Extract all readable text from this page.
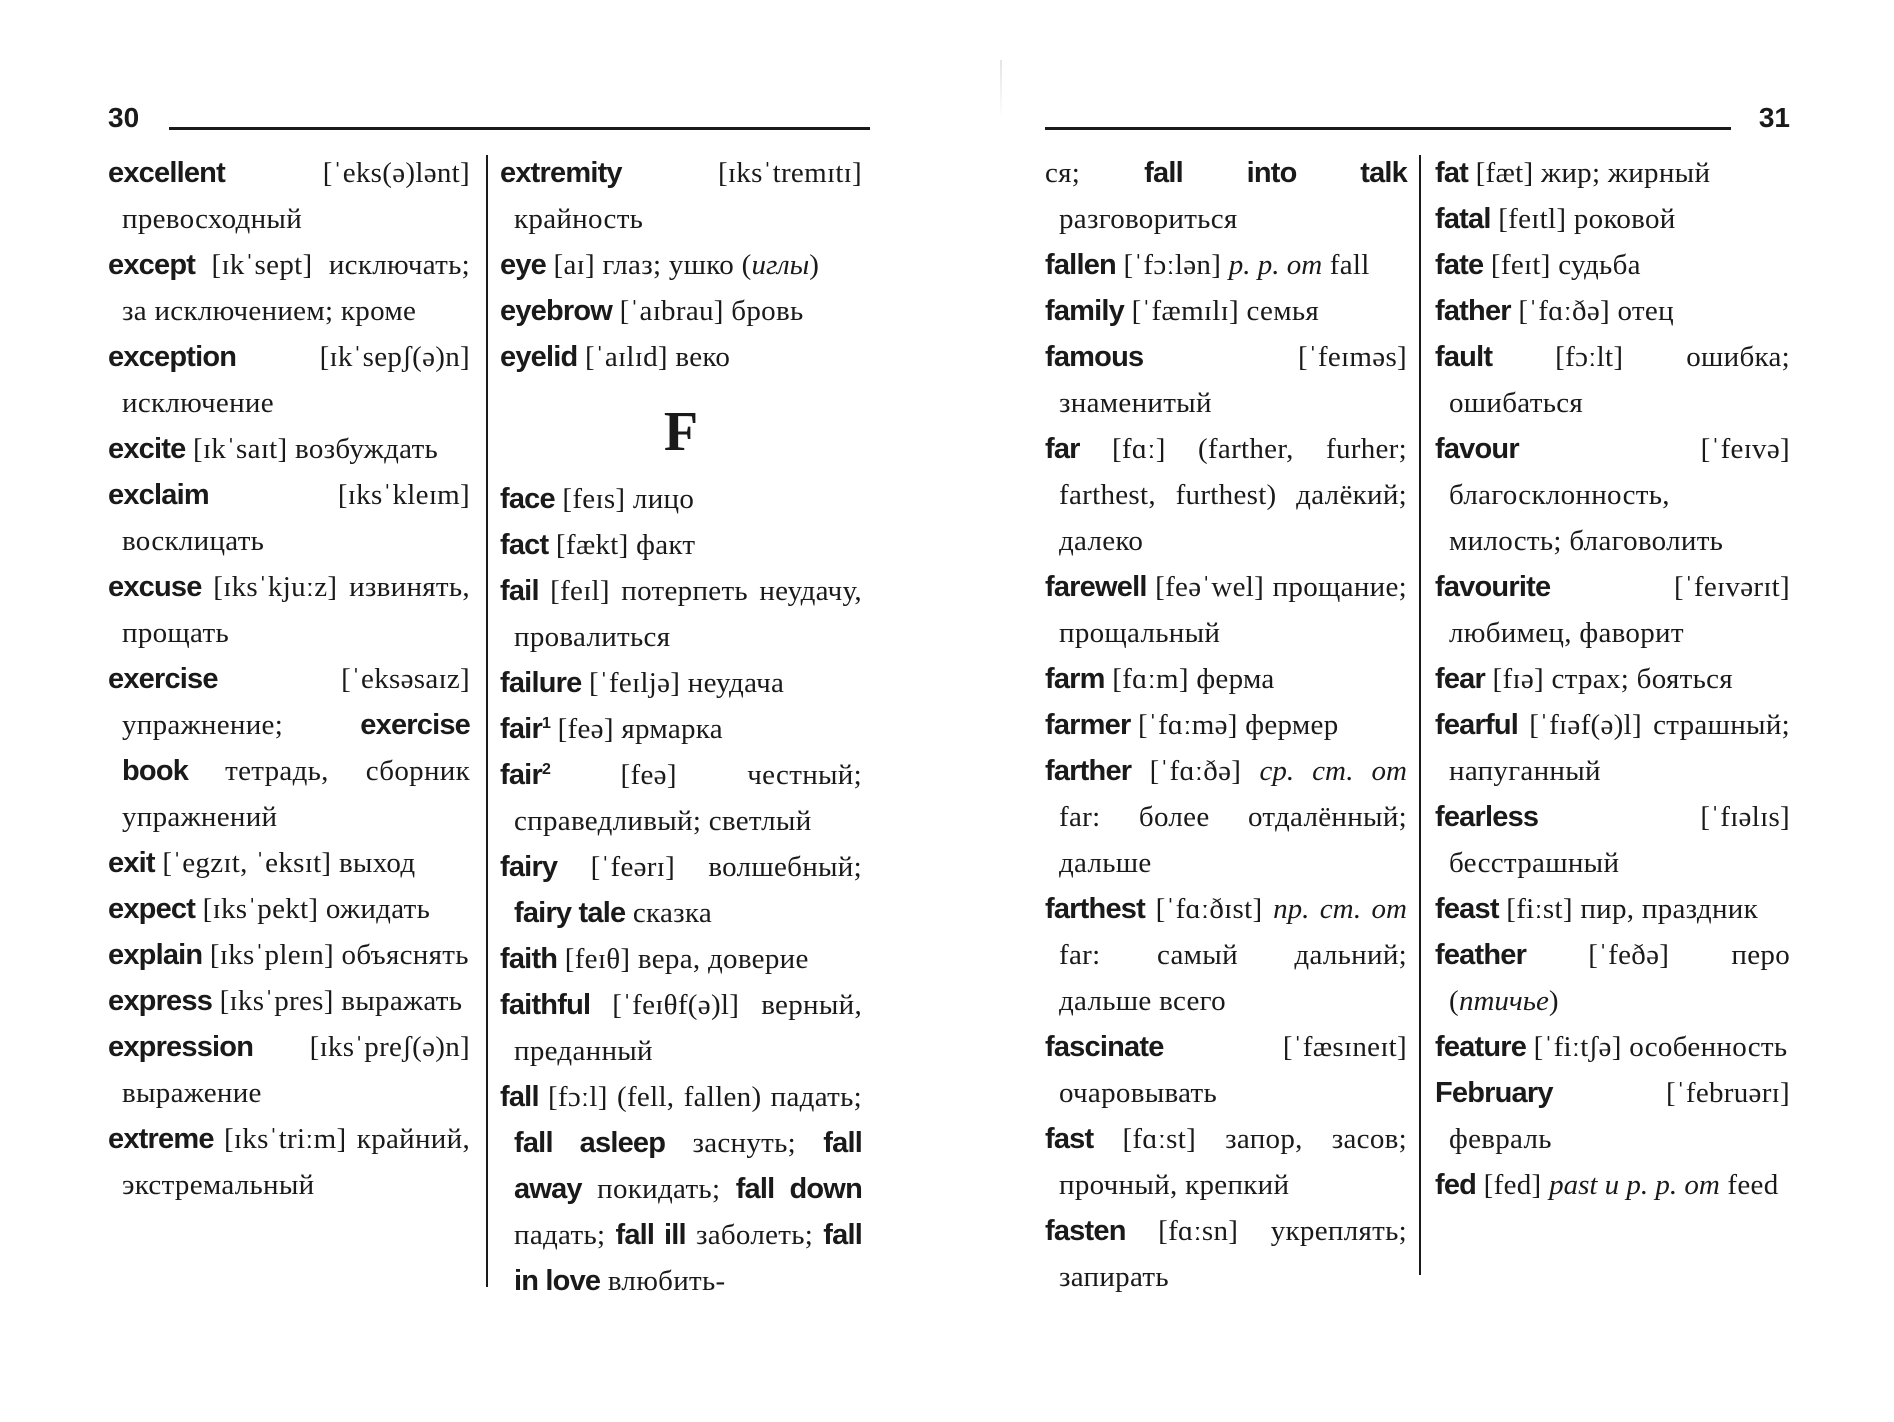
30

excellent [ˈeks(ə)lənt] превосходный

except [ɪkˈsept] исключать; за исключением; кроме

exception [ɪkˈsepʃ(ə)n] исключение

excite [ɪkˈsaɪt] возбуждать

exclaim [ɪksˈkleɪm] восклицать

excuse [ɪksˈkjuːz] извинять, прощать

exercise [ˈeksəsaɪz] упражнение; exercise book тетрадь, сборник упражнений

exit [ˈegzɪt, ˈeksɪt] выход

expect [ɪksˈpekt] ожидать

explain [ɪksˈpleɪn] объяснять

express [ɪksˈpres] выражать

expression [ɪksˈpreʃ(ə)n] выражение

extreme [ɪksˈtriːm] крайний, экстремальный

extremity [ɪksˈtremɪtɪ] крайность

eye [aɪ] глаз; ушко (иглы)

eyebrow [ˈaɪbrau] бровь

eyelid [ˈaɪlɪd] веко

F

face [feɪs] лицо

fact [fækt] факт

fail [feɪl] потерпеть неудачу, провалиться

failure [ˈfeɪljə] неудача

fair$^1$ [feə] ярмарка

fair$^2$ [feə] честный; справедливый; светлый

fairy [ˈfeərɪ] волшебный; fairy tale сказка

faith [feɪθ] вера, доверие

faithful [ˈfeɪθf(ə)l] верный, преданный

fall [fɔːl] (fell, fallen) падать; fall asleep заснуть; fall away покидать; fall down падать; fall ill заболеть; fall in love влюбить-

31

ся; fall into talk разговориться

fallen [ˈfɔːlən] p. p. от fall

family [ˈfæmɪlɪ] семья

famous [ˈfeɪməs] знаменитый

far [fɑː] (farther, furher; farthest, furthest) далёкий; далеко

farewell [feəˈwel] прощание; прощальный

farm [fɑːm] ферма

farmer [ˈfɑːmə] фермер

farther [ˈfɑːðə] ср. ст. от far: более отдалённый; дальше

farthest [ˈfɑːðɪst] пр. ст. от far: самый дальний; дальше всего

fascinate [ˈfæsɪneɪt] очаровывать

fast [fɑːst] запор, засов; прочный, крепкий

fasten [fɑːsn] укреплять; запирать

fat [fæt] жир; жирный

fatal [feɪtl] роковой

fate [feɪt] судьба

father [ˈfɑːðə] отец

fault [fɔːlt] ошибка; ошибаться

favour [ˈfeɪvə] благосклонность, милость; благоволить

favourite [ˈfeɪvərɪt] любимец, фаворит

fear [fɪə] страх; бояться

fearful [ˈfɪəf(ə)l] страшный; напуганный

fearless [ˈfɪəlɪs] бесстрашный

feast [fiːst] пир, праздник

feather [ˈfeðə] перо (птичье)

feature [ˈfiːtʃə] особенность

February [ˈfebruərɪ] февраль

fed [fed] past и p. p. от feed
